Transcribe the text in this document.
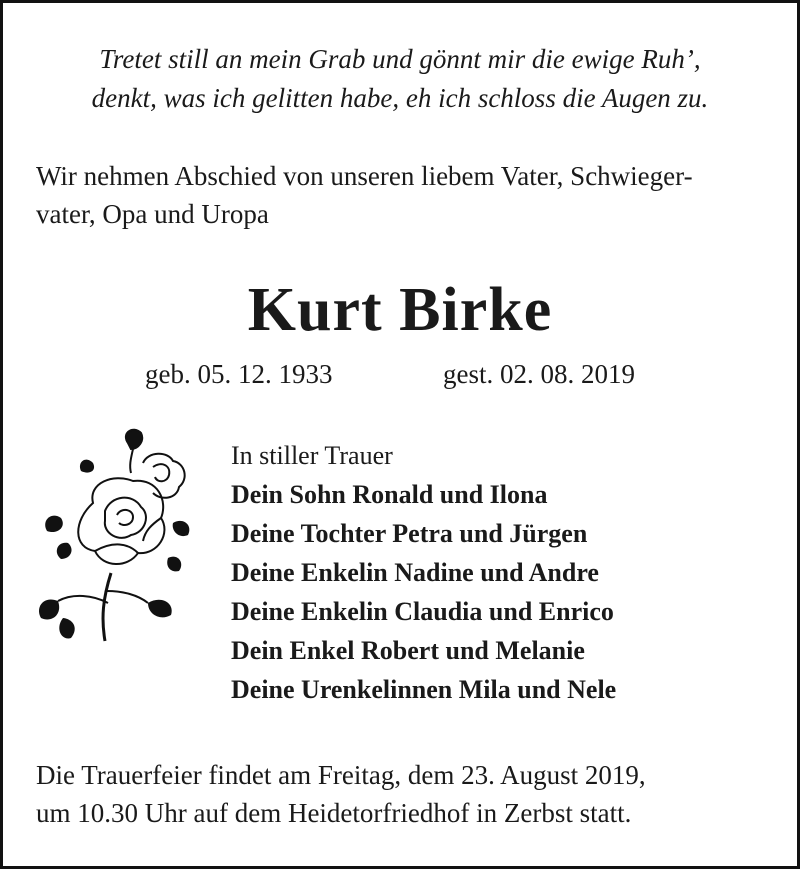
Tretet still an mein Grab und gönnt mir die ewige Ruh’,
denkt, was ich gelitten habe, eh ich schloss die Augen zu.
Wir nehmen Abschied von unseren liebem Vater, Schwieger-
vater, Opa und Uropa
Kurt Birke
geb. 05. 12. 1933	gest. 02. 08. 2019
In stiller Trauer
Dein Sohn Ronald und Ilona
Deine Tochter Petra und Jürgen
Deine Enkelin Nadine und Andre
Deine Enkelin Claudia und Enrico
Dein Enkel Robert und Melanie
Deine Urenkelinnen Mila und Nele
Die Trauerfeier findet am Freitag, dem 23. August 2019,
um 10.30 Uhr auf dem Heidetorfriedhof in Zerbst statt.
